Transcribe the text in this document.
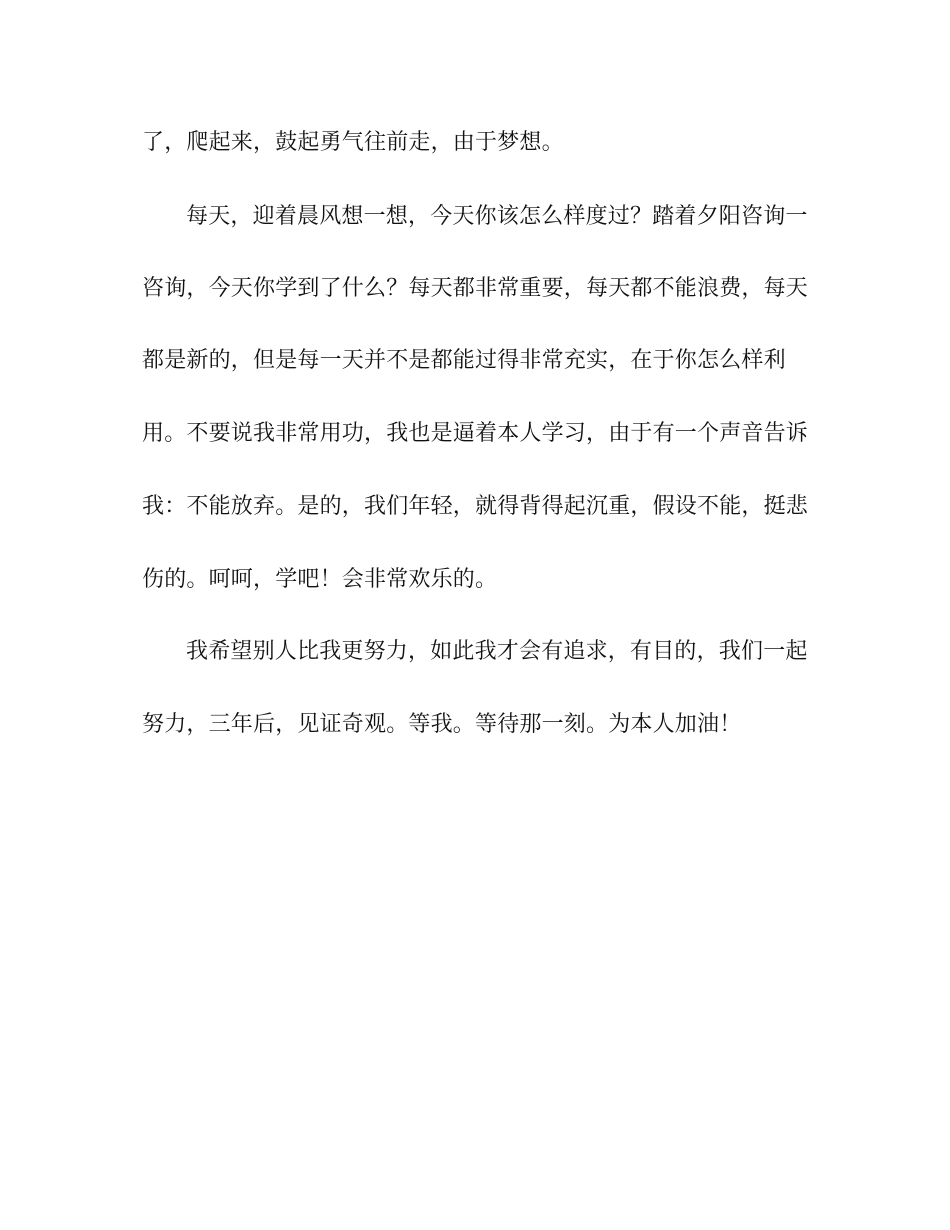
了，爬起来，鼓起勇气往前走，由于梦想。
每天，迎着晨风想一想，今天你该怎么样度过？踏着夕阳咨询一
咨询，今天你学到了什么？每天都非常重要，每天都不能浪费，每天
都是新的，但是每一天并不是都能过得非常充实，在于你怎么样利
用。不要说我非常用功，我也是逼着本人学习，由于有一个声音告诉
我：不能放弃。是的，我们年轻，就得背得起沉重，假设不能，挺悲
伤的。呵呵，学吧！会非常欢乐的。
我希望别人比我更努力，如此我才会有追求，有目的，我们一起
努力，三年后，见证奇观。等我。等待那一刻。为本人加油！
